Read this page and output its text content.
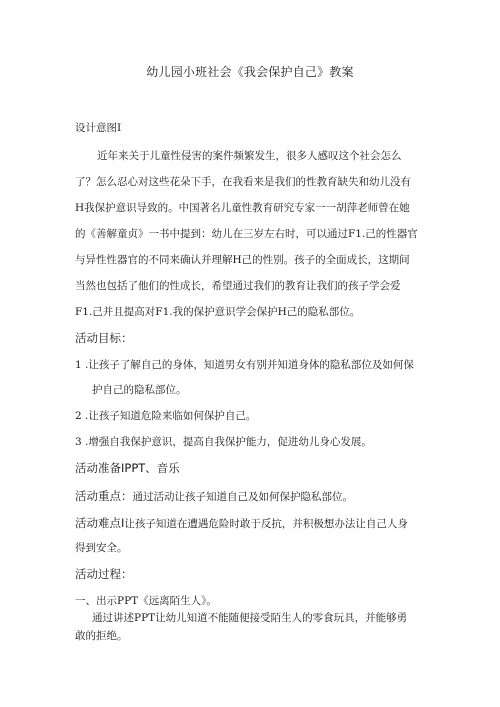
幼儿园小班社会《我会保护自己》教案
设计意图I
近年来关于儿童性侵害的案件频繁发生，很多人感叹这个社会怎么
了？怎么忍心对这些花朵下手，在我看来是我们的性教育缺失和幼儿没有
H我保护意识导致的。中国著名儿童性教育研究专家一一胡萍老师曾在她
的《善解童贞》一书中提到：幼儿在三岁左右时，可以通过F1.己的性器官
与异性性器官的不同来确认并理解H己的性别。孩子的全面成长，这期间
当然也包括了他们的性成长，希望通过我们的教育让我们的孩子学会爱
F1.己并且提高对F1.我的保护意识学会保护H己的隐私部位。
活动目标：
1 .让孩子了解自己的身体，知道男女有别并知道身体的隐私部位及如何保
护自己的隐私部位。
2 .让孩子知道危险来临如何保护自己。
3 .增强自我保护意识，提高自我保护能力，促进幼儿身心发展。
活动准备IPPT、音乐
活动重点：通过活动让孩子知道自己及如何保护隐私部位。
活动难点I让孩子知道在遭遇危险时敢于反抗，并积极想办法让自己人身
得到安全。
活动过程：
一、出示PPT《远离陌生人》。
通过讲述PPT让幼儿知道不能随便接受陌生人的零食玩具，并能够勇
敢的拒绝。
